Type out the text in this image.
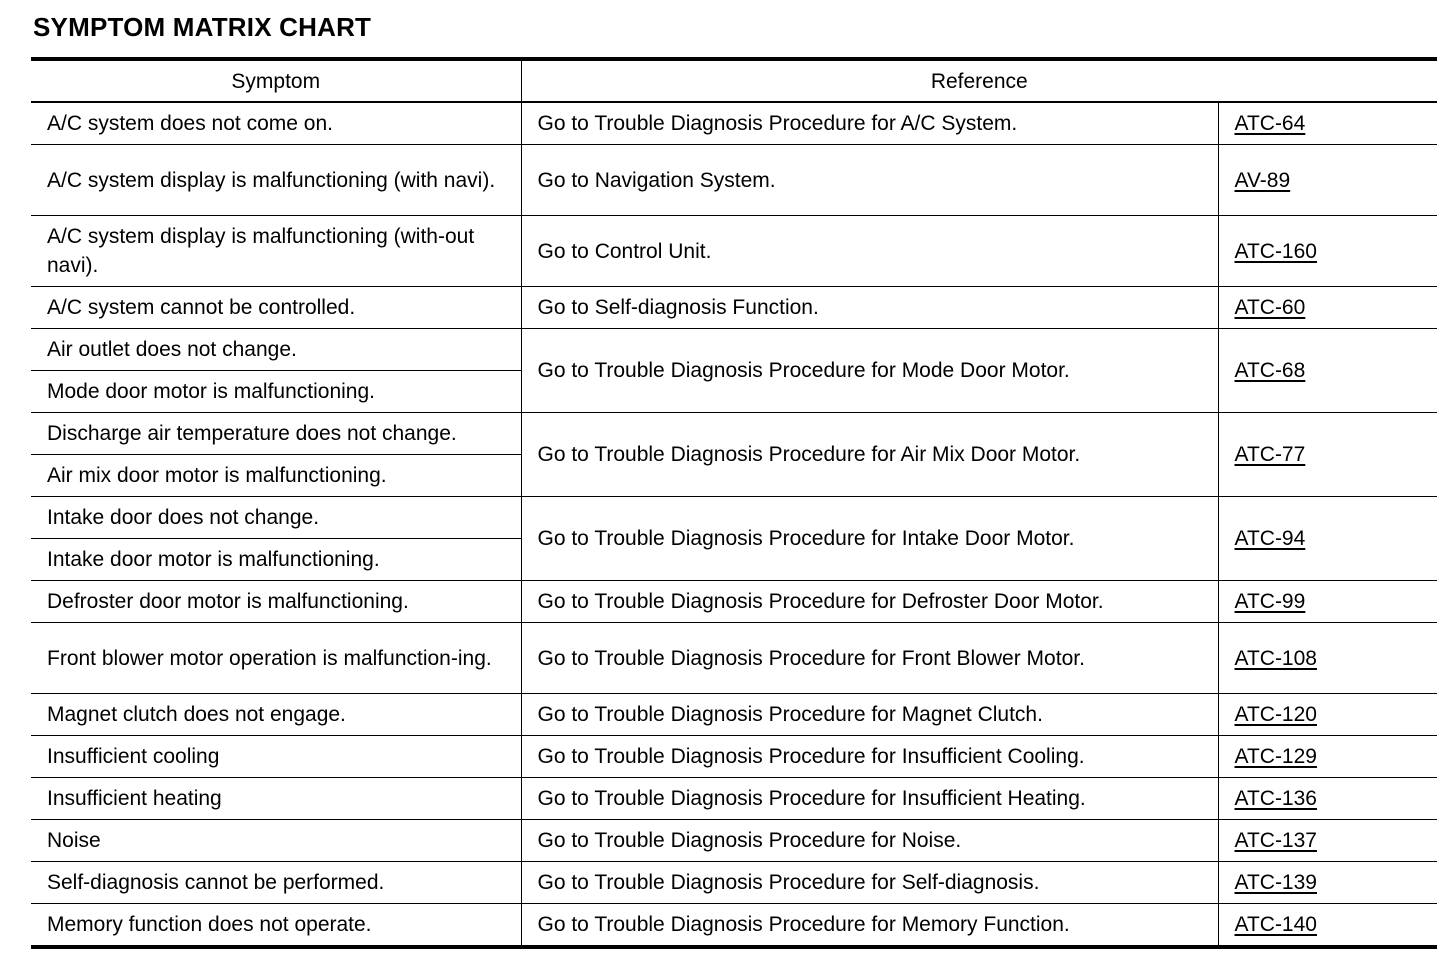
SYMPTOM MATRIX CHART
Symptom	Reference	
A/C system does not come on.	Go to Trouble Diagnosis Procedure for A/C System.	ATC-64
A/C system display is malfunctioning (with navi).	Go to Navigation System.	AV-89
A/C system display is malfunctioning (with-out navi).	Go to Control Unit.	ATC-160
A/C system cannot be controlled.	Go to Self-diagnosis Function.	ATC-60
Air outlet does not change.	Go to Trouble Diagnosis Procedure for Mode Door Motor.	ATC-68
Mode door motor is malfunctioning.		
Discharge air temperature does not change.	Go to Trouble Diagnosis Procedure for Air Mix Door Motor.	ATC-77
Air mix door motor is malfunctioning.		
Intake door does not change.	Go to Trouble Diagnosis Procedure for Intake Door Motor.	ATC-94
Intake door motor is malfunctioning.		
Defroster door motor is malfunctioning.	Go to Trouble Diagnosis Procedure for Defroster Door Motor.	ATC-99
Front blower motor operation is malfunction-ing.	Go to Trouble Diagnosis Procedure for Front Blower Motor.	ATC-108
Magnet clutch does not engage.	Go to Trouble Diagnosis Procedure for Magnet Clutch.	ATC-120
Insufficient cooling	Go to Trouble Diagnosis Procedure for Insufficient Cooling.	ATC-129
Insufficient heating	Go to Trouble Diagnosis Procedure for Insufficient Heating.	ATC-136
Noise	Go to Trouble Diagnosis Procedure for Noise.	ATC-137
Self-diagnosis cannot be performed.	Go to Trouble Diagnosis Procedure for Self-diagnosis.	ATC-139
Memory function does not operate.	Go to Trouble Diagnosis Procedure for Memory Function.	ATC-140
